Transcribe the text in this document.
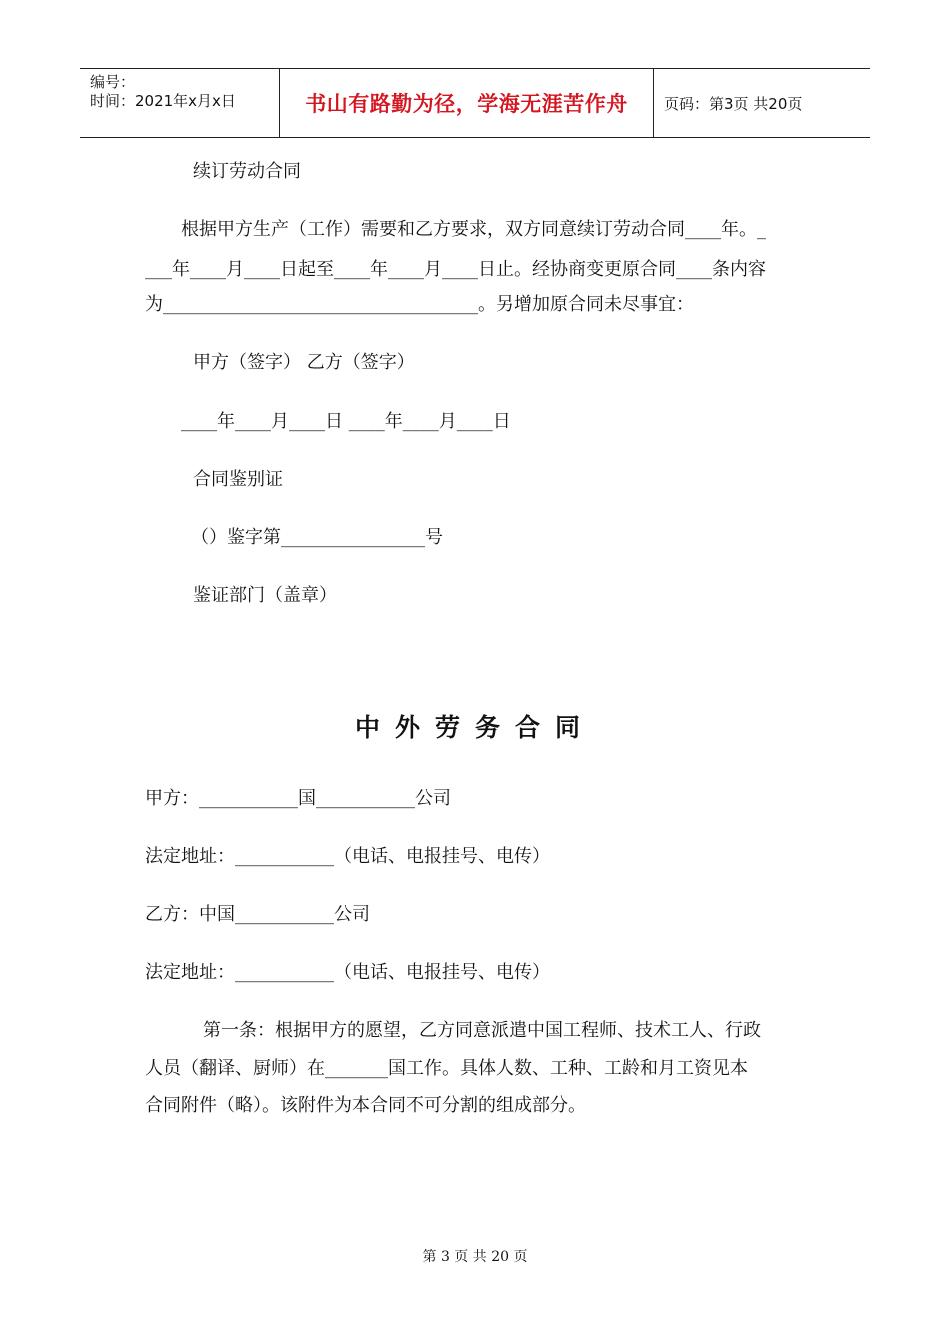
编号：
时间：2021年x月x日	书山有路勤为径，学海无涯苦作舟	页码：第3页 共20页
续订劳动合同
根据甲方生产（工作）需要和乙方要求，双方同意续订劳动合同____年。_
___年____月____日起至____年____月____日止。经协商变更原合同____条内容
为___________________________________。另增加原合同未尽事宜：
甲方（签字） 乙方（签字）
____年____月____日 ____年____月____日
合同鉴别证
（）鉴字第________________号
鉴证部门（盖章）
中外劳务合同
甲方：___________国___________公司
法定地址：___________（电话、电报挂号、电传）
乙方：中国___________公司
法定地址：___________（电话、电报挂号、电传）
第一条：根据甲方的愿望，乙方同意派遣中国工程师、技术工人、行政
人员（翻译、厨师）在_______国工作。具体人数、工种、工龄和月工资见本
合同附件（略）。该附件为本合同不可分割的组成部分。
第 3 页 共 20 页
